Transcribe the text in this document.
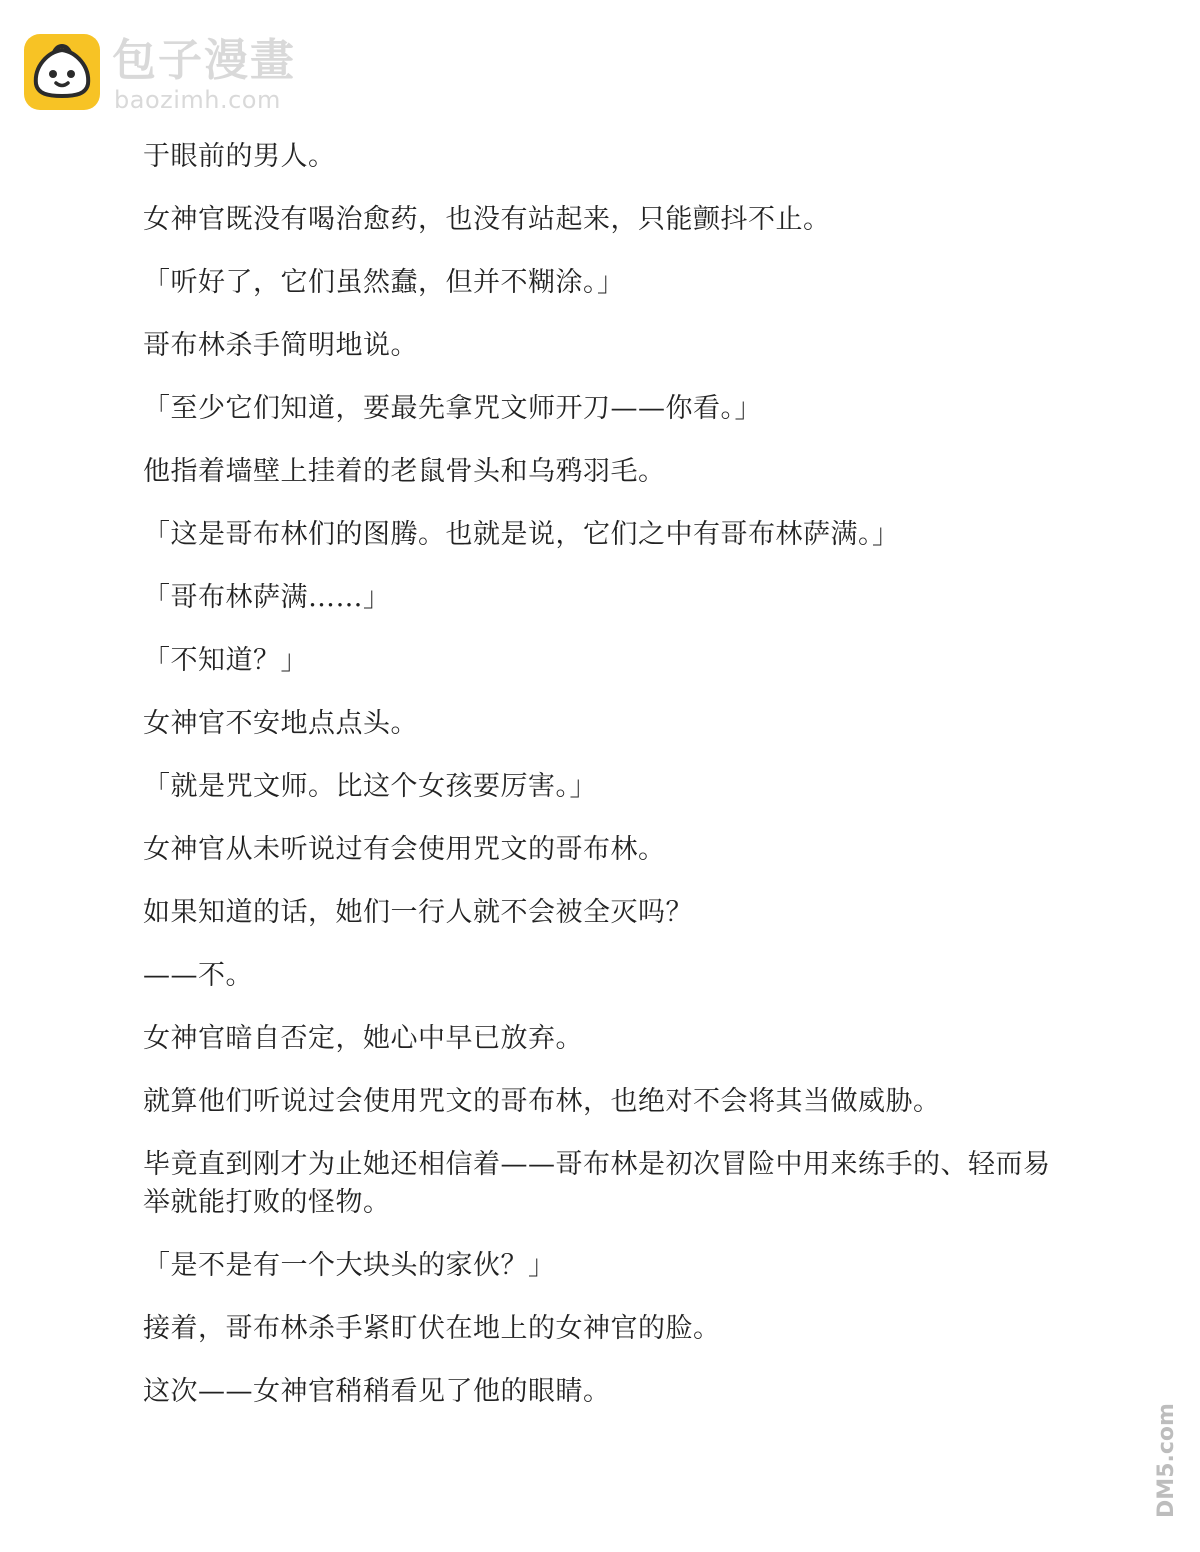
包子漫畫
baozimh.com

于眼前的男人。

女神官既没有喝治愈药，也没有站起来，只能颤抖不止。

「听好了，它们虽然蠢，但并不糊涂。」

哥布林杀手简明地说。

「至少它们知道，要最先拿咒文师开刀——你看。」

他指着墙壁上挂着的老鼠骨头和乌鸦羽毛。

「这是哥布林们的图腾。也就是说，它们之中有哥布林萨满。」

「哥布林萨满……」

「不知道？」

女神官不安地点点头。

「就是咒文师。比这个女孩要厉害。」

女神官从未听说过有会使用咒文的哥布林。

如果知道的话，她们一行人就不会被全灭吗？

——不。

女神官暗自否定，她心中早已放弃。

就算他们听说过会使用咒文的哥布林，也绝对不会将其当做威胁。

毕竟直到刚才为止她还相信着——哥布林是初次冒险中用来练手的、轻而易举就能打败的怪物。

「是不是有一个大块头的家伙？」

接着，哥布林杀手紧盯伏在地上的女神官的脸。

这次——女神官稍稍看见了他的眼睛。

DM5.com
